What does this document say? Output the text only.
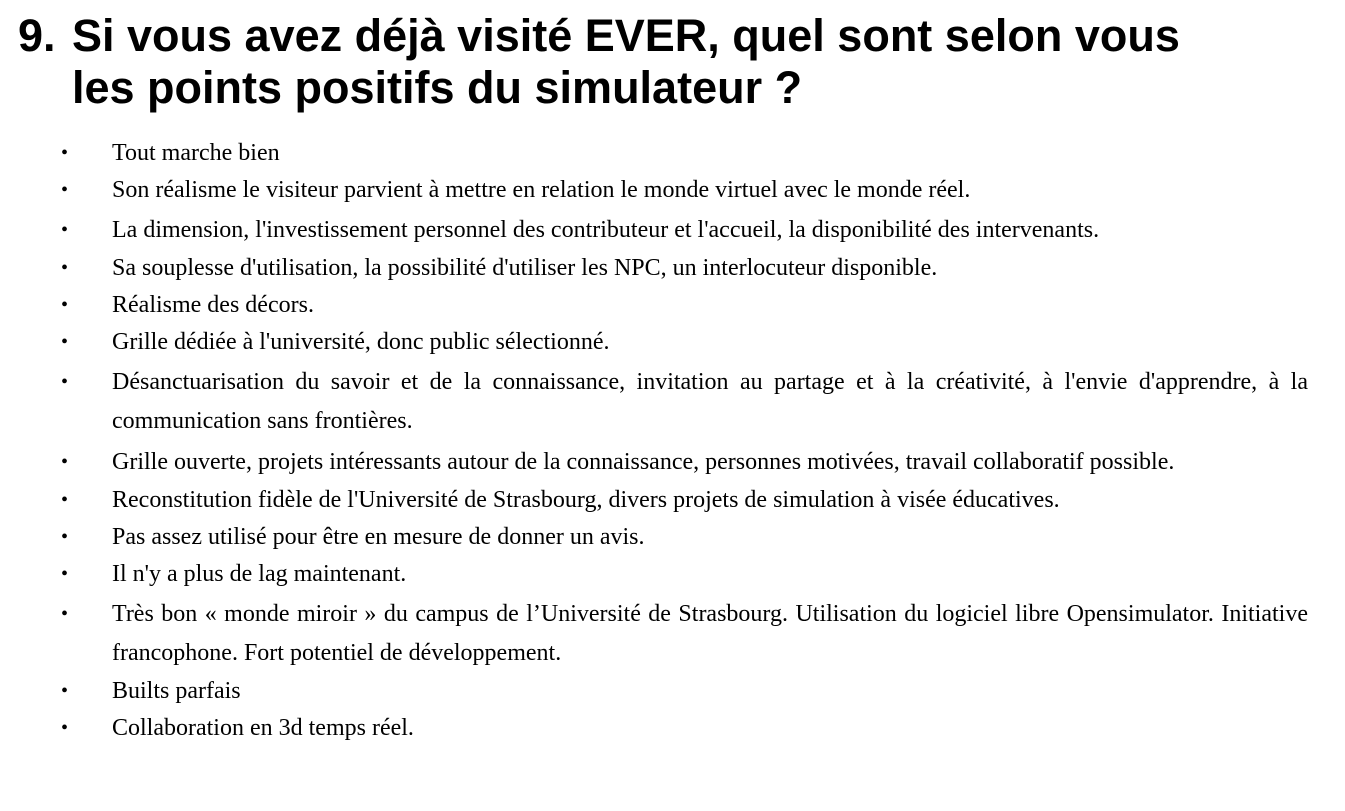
9. Si vous avez déjà visité EVER, quel sont selon vous
les points positifs du simulateur ?
• Tout marche bien
• Son réalisme le visiteur parvient à mettre en relation le monde virtuel avec le monde réel.
• La dimension, l'investissement personnel des contributeur et l'accueil, la disponibilité des intervenants.
• Sa souplesse d'utilisation, la possibilité d'utiliser les NPC, un interlocuteur disponible.
• Réalisme des décors.
• Grille dédiée à l'université, donc public sélectionné.
• Désanctuarisation du savoir et de la connaissance, invitation au partage et à la créativité, à l'envie d'apprendre, à la communication sans frontières.
• Grille ouverte, projets intéressants autour de la connaissance, personnes motivées, travail collaboratif possible.
• Reconstitution fidèle de l'Université de Strasbourg, divers projets de simulation à visée éducatives.
• Pas assez utilisé pour être en mesure de donner un avis.
• Il n'y a plus de lag maintenant.
• Très bon « monde miroir » du campus de l’Université de Strasbourg. Utilisation du logiciel libre Opensimulator. Initiative francophone. Fort potentiel de développement.
• Builts parfais
• Collaboration en 3d temps réel.
